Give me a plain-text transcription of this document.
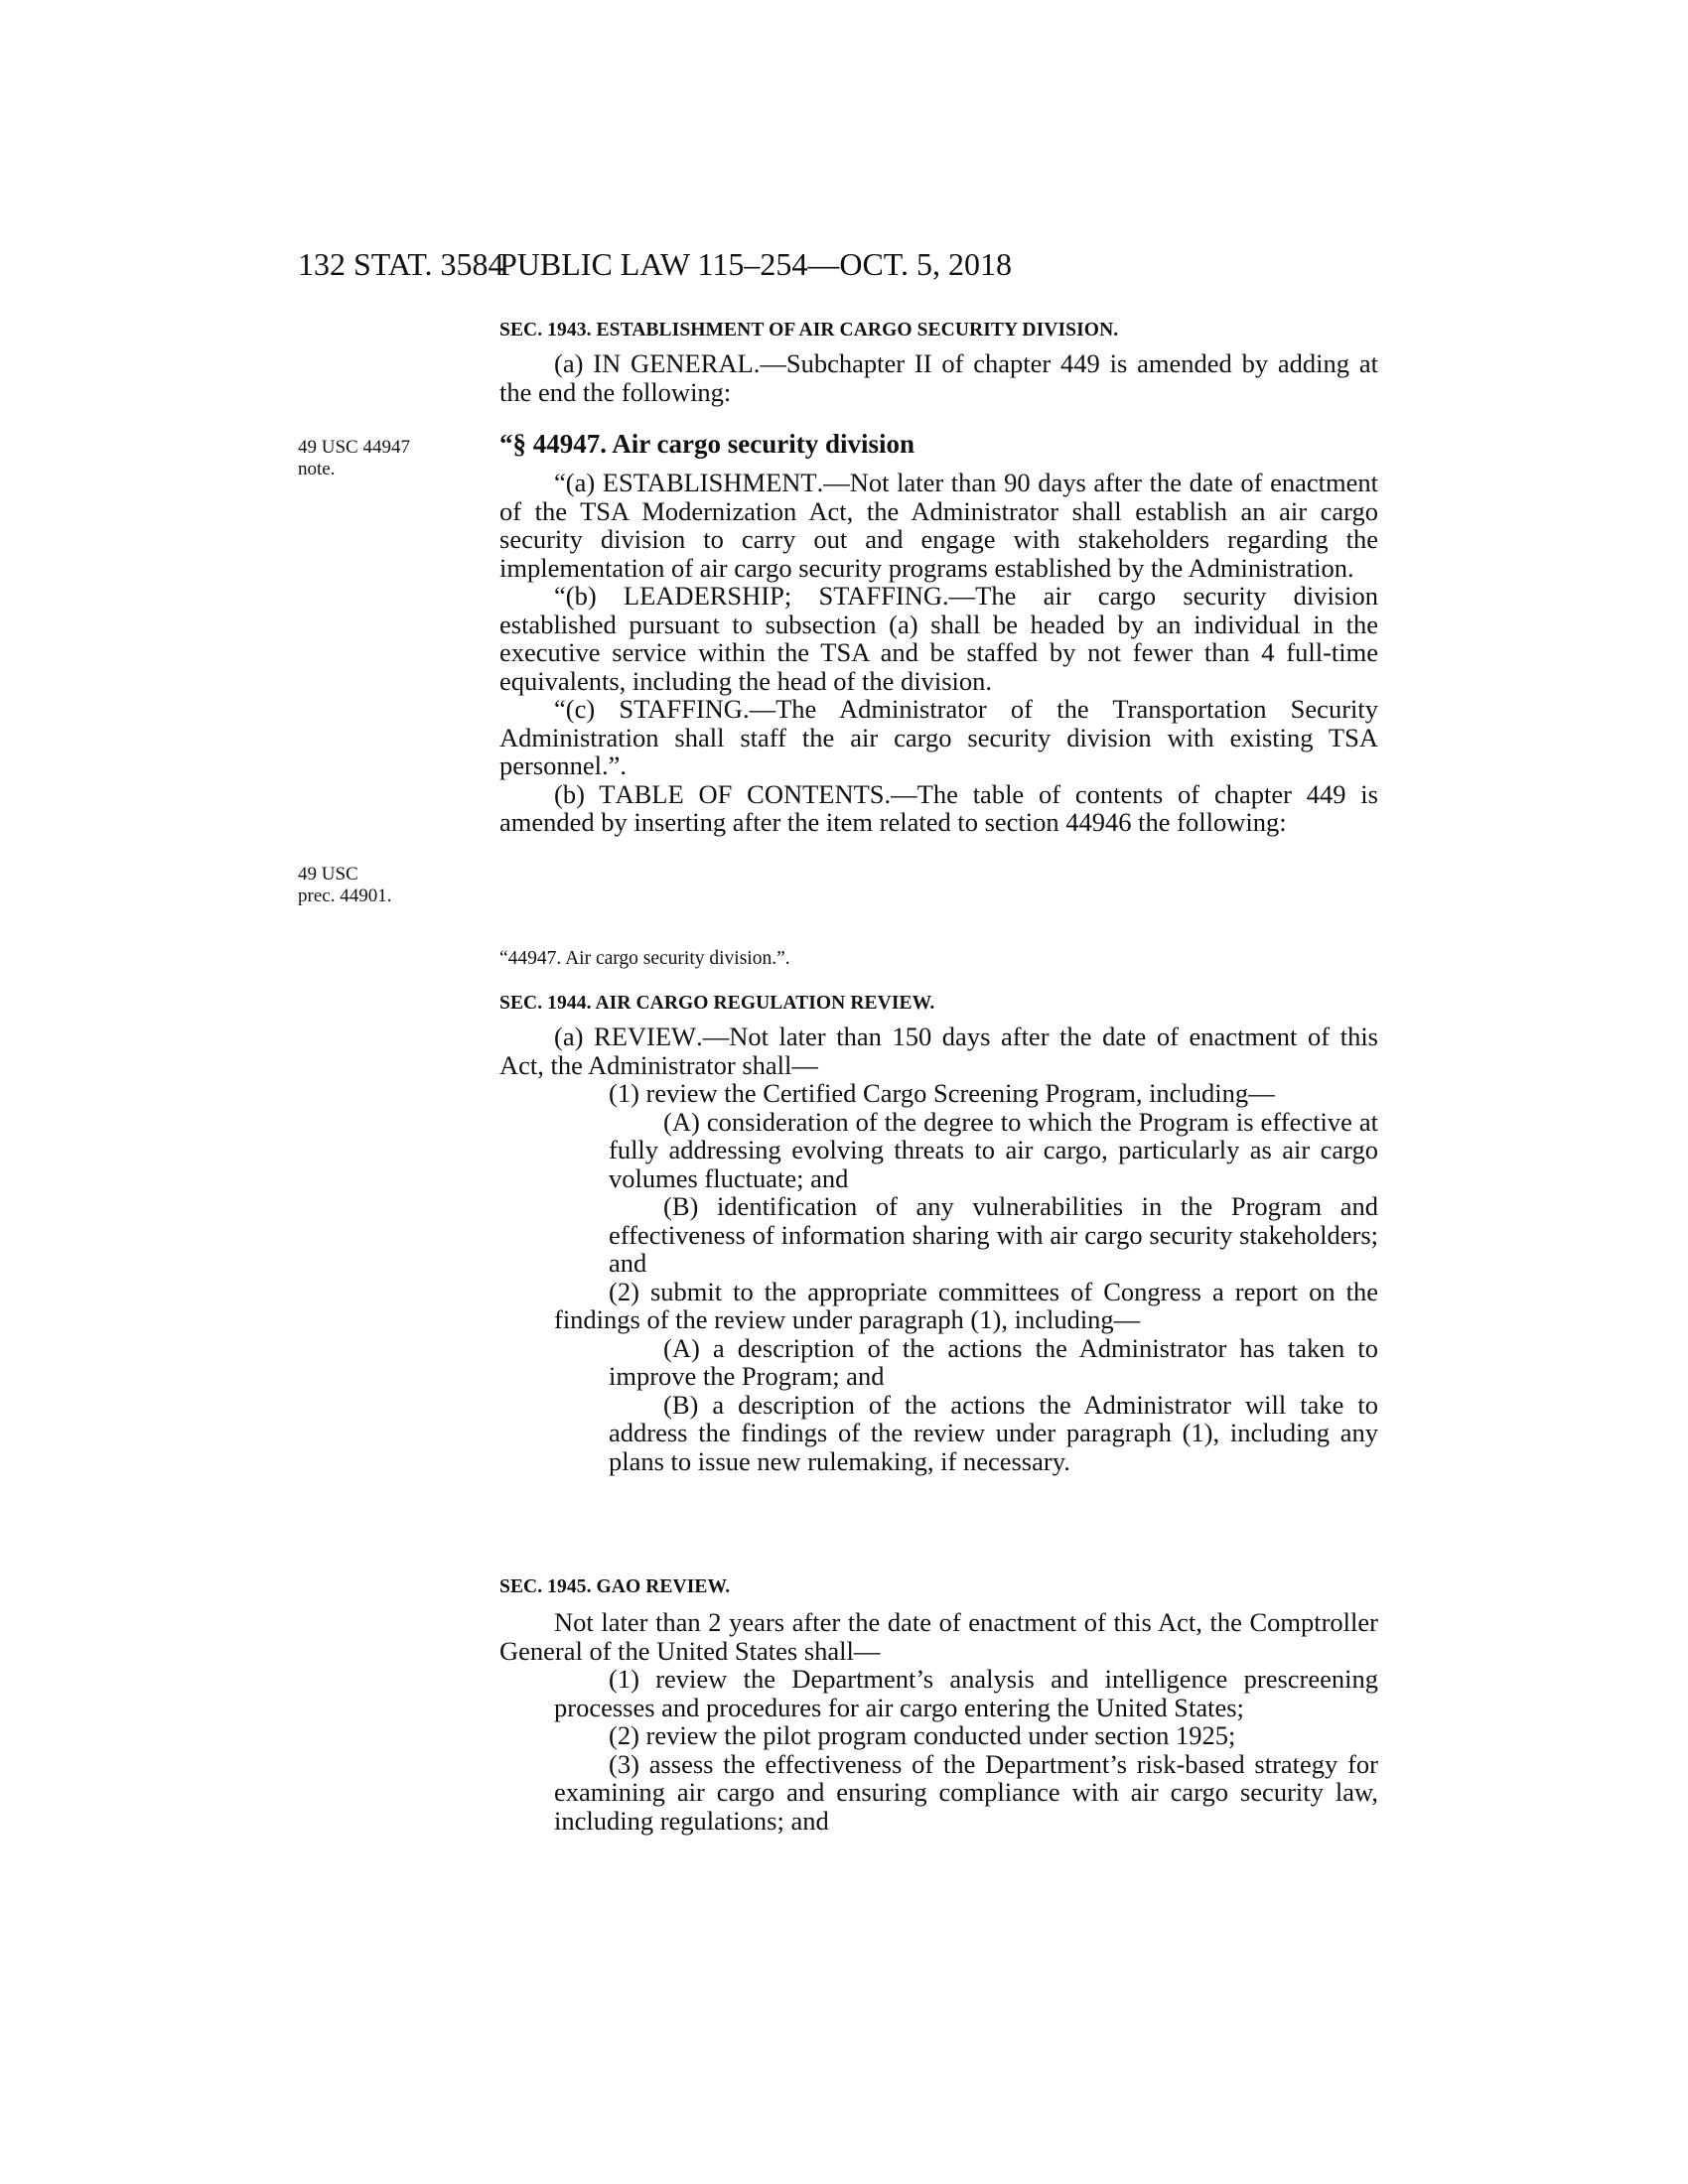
132 STAT. 3584
PUBLIC LAW 115–254—OCT. 5, 2018
SEC. 1943. ESTABLISHMENT OF AIR CARGO SECURITY DIVISION.

(a) IN GENERAL.—Subchapter II of chapter 449 is amended by adding at the end the following:

49 USC 44947
note.
“§ 44947. Air cargo security division

“(a) ESTABLISHMENT.—Not later than 90 days after the date of enactment of the TSA Modernization Act, the Administrator shall establish an air cargo security division to carry out and engage with stakeholders regarding the implementation of air cargo security programs established by the Administration.

“(b) LEADERSHIP; STAFFING.—The air cargo security division established pursuant to subsection (a) shall be headed by an individual in the executive service within the TSA and be staffed by not fewer than 4 full-time equivalents, including the head of the division.

“(c) STAFFING.—The Administrator of the Transportation Security Administration shall staff the air cargo security division with existing TSA personnel.”.

(b) TABLE OF CONTENTS.—The table of contents of chapter 449 is amended by inserting after the item related to section 44946 the following:

49 USC
prec. 44901.
“44947. Air cargo security division.”.
SEC. 1944. AIR CARGO REGULATION REVIEW.

(a) REVIEW.—Not later than 150 days after the date of enactment of this Act, the Administrator shall—

(1) review the Certified Cargo Screening Program, including—

(A) consideration of the degree to which the Program is effective at fully addressing evolving threats to air cargo, particularly as air cargo volumes fluctuate; and

(B) identification of any vulnerabilities in the Program and effectiveness of information sharing with air cargo security stakeholders; and

(2) submit to the appropriate committees of Congress a report on the findings of the review under paragraph (1), including—

(A) a description of the actions the Administrator has taken to improve the Program; and

(B) a description of the actions the Administrator will take to address the findings of the review under paragraph (1), including any plans to issue new rulemaking, if necessary.

SEC. 1945. GAO REVIEW.

Not later than 2 years after the date of enactment of this Act, the Comptroller General of the United States shall—

(1) review the Department’s analysis and intelligence prescreening processes and procedures for air cargo entering the United States;

(2) review the pilot program conducted under section 1925;

(3) assess the effectiveness of the Department’s risk-based strategy for examining air cargo and ensuring compliance with air cargo security law, including regulations; and
